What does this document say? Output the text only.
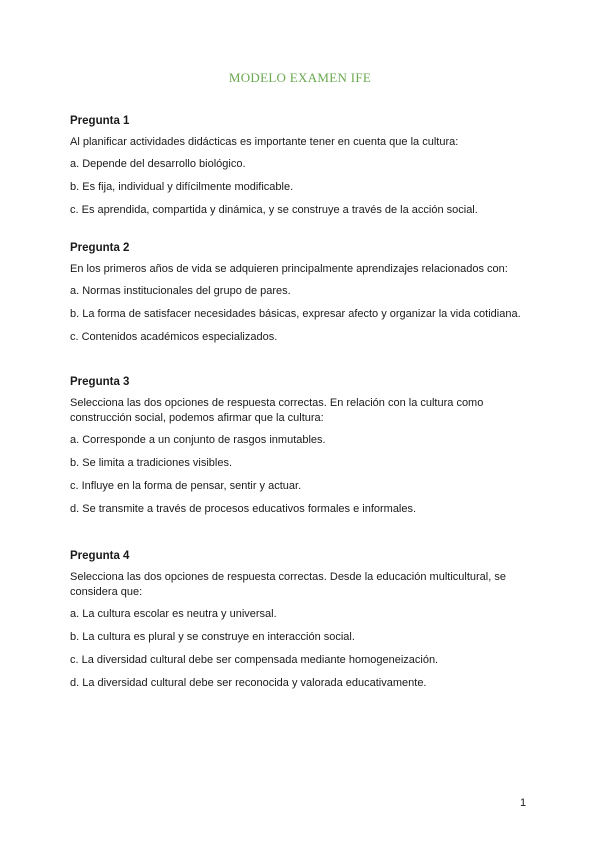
MODELO EXAMEN IFE

Pregunta 1

Al planificar actividades didácticas es importante tener en cuenta que la cultura:

a. Depende del desarrollo biológico.
b. Es fija, individual y difícilmente modificable.
c. Es aprendida, compartida y dinámica, y se construye a través de la acción social.

Pregunta 2

En los primeros años de vida se adquieren principalmente aprendizajes relacionados con:

a. Normas institucionales del grupo de pares.
b. La forma de satisfacer necesidades básicas, expresar afecto y organizar la vida cotidiana.
c. Contenidos académicos especializados.

Pregunta 3

Selecciona las dos opciones de respuesta correctas. En relación con la cultura como construcción social, podemos afirmar que la cultura:

a. Corresponde a un conjunto de rasgos inmutables.
b. Se limita a tradiciones visibles.
c. Influye en la forma de pensar, sentir y actuar.
d. Se transmite a través de procesos educativos formales e informales.

Pregunta 4

Selecciona las dos opciones de respuesta correctas. Desde la educación multicultural, se considera que:

a. La cultura escolar es neutra y universal.
b. La cultura es plural y se construye en interacción social.
c. La diversidad cultural debe ser compensada mediante homogeneización.
d. La diversidad cultural debe ser reconocida y valorada educativamente.
1
